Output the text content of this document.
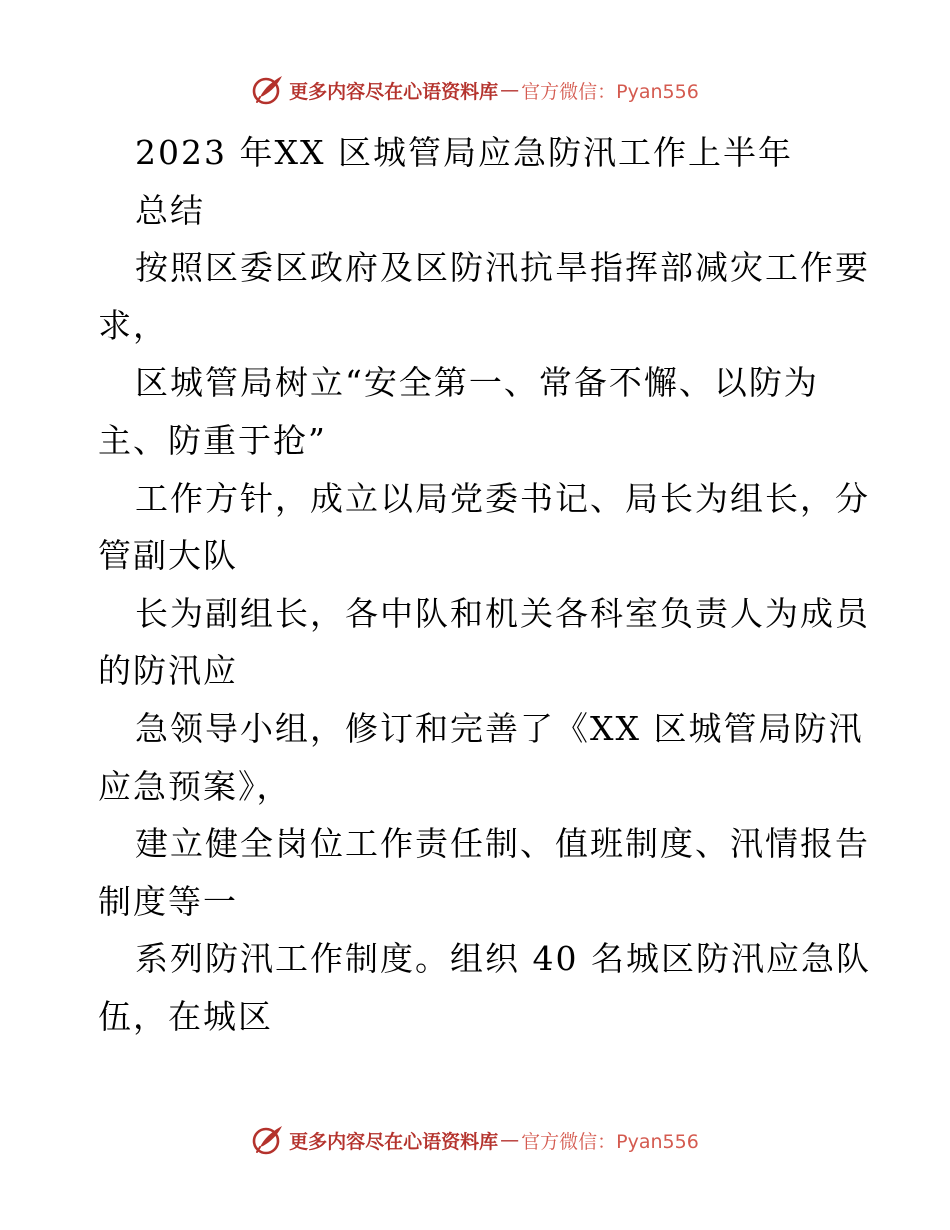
更多内容尽在心语资料库 — 官方微信：Pyan556
2023 年XX 区城管局应急防汛工作上半年
总结
按照区委区政府及区防汛抗旱指挥部减灾工作要
求，
区城管局树立“安全第一、常备不懈、以防为
主、防重于抢”
工作方针，成立以局党委书记、局长为组长，分
管副大队
长为副组长，各中队和机关各科室负责人为成员
的防汛应
急领导小组，修订和完善了《XX 区城管局防汛
应急预案》，
建立健全岗位工作责任制、值班制度、汛情报告
制度等一
系列防汛工作制度。组织 40 名城区防汛应急队
伍，在城区
更多内容尽在心语资料库 — 官方微信：Pyan556
